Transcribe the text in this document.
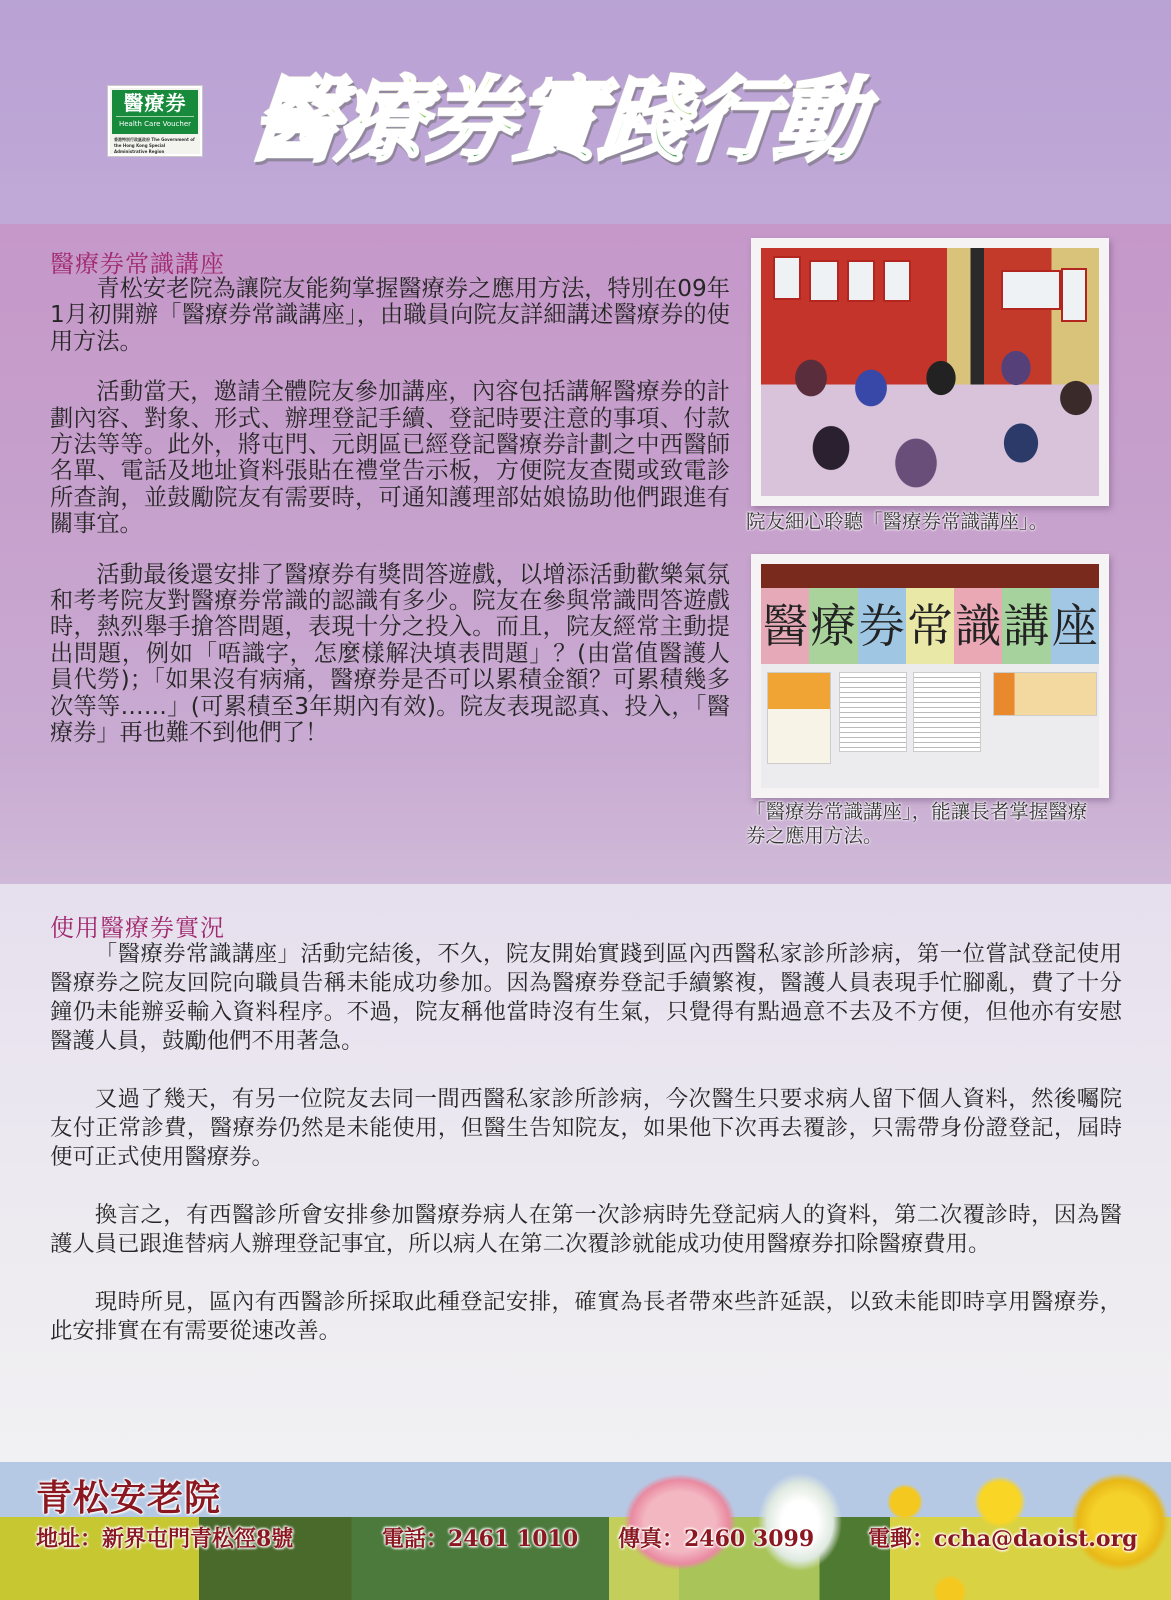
醫療券
Health Care Voucher
香港特別行政區政府 The Government of the Hong Kong Special Administrative Region 醫療券實踐行動
醫療券常識講座

青松安老院為讓院友能夠掌握醫療券之應用方法，特別在09年1月初開辦「醫療券常識講座」，由職員向院友詳細講述醫療券的使用方法。

活動當天，邀請全體院友參加講座，內容包括講解醫療券的計劃內容、對象、形式、辦理登記手續、登記時要注意的事項、付款方法等等。此外，將屯門、元朗區已經登記醫療券計劃之中西醫師名單、電話及地址資料張貼在禮堂告示板，方便院友查閱或致電診所查詢，並鼓勵院友有需要時，可通知護理部姑娘協助他們跟進有關事宜。

活動最後還安排了醫療券有獎問答遊戲，以增添活動歡樂氣氛和考考院友對醫療券常識的認識有多少。院友在參與常識問答遊戲時，熱烈舉手搶答問題，表現十分之投入。而且，院友經常主動提出問題，例如「唔識字，怎麼樣解決填表問題」？(由當值醫護人員代勞)；「如果沒有病痛，醫療券是否可以累積金額？可累積幾多次等等……」(可累積至3年期內有效)。院友表現認真、投入，「醫療券」再也難不到他們了！

院友細心聆聽「醫療券常識講座」。
醫 療 券 常 識 講 座
「醫療券常識講座」，能讓長者掌握醫療券之應用方法。
使用醫療券實況

「醫療券常識講座」活動完結後，不久，院友開始實踐到區內西醫私家診所診病，第一位嘗試登記使用醫療券之院友回院向職員告稱未能成功參加。因為醫療券登記手續繁複，醫護人員表現手忙腳亂，費了十分鐘仍未能辦妥輸入資料程序。不過，院友稱他當時沒有生氣，只覺得有點過意不去及不方便，但他亦有安慰醫護人員，鼓勵他們不用著急。

又過了幾天，有另一位院友去同一間西醫私家診所診病，今次醫生只要求病人留下個人資料，然後囑院友付正常診費，醫療券仍然是未能使用，但醫生告知院友，如果他下次再去覆診，只需帶身份證登記，屆時便可正式使用醫療券。

換言之，有西醫診所會安排參加醫療券病人在第一次診病時先登記病人的資料，第二次覆診時，因為醫護人員已跟進替病人辦理登記事宜，所以病人在第二次覆診就能成功使用醫療券扣除醫療費用。

現時所見，區內有西醫診所採取此種登記安排，確實為長者帶來些許延誤，以致未能即時享用醫療券，此安排實在有需要從速改善。

青松安老院
地址：新界屯門青松徑8號	電話：2461 1010 傳真：2460 3099 電郵：ccha@daoist.org
